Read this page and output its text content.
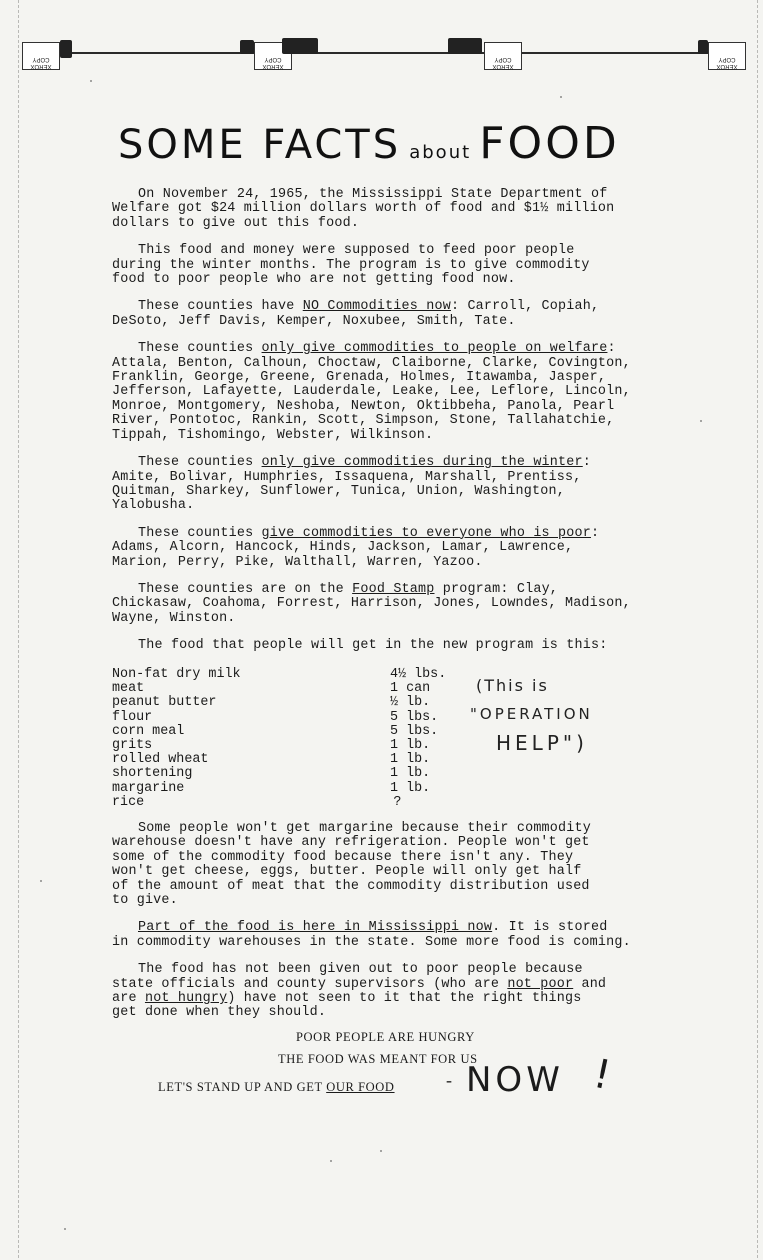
XEROX COPY
XEROX COPY
XEROX COPY
XEROX COPY
SOME FACTS about FOOD

On November 24, 1965, the Mississippi State Department of
Welfare got $24 million dollars worth of food and $1½ million
dollars to give out this food.

This food and money were supposed to feed poor people
during the winter months. The program is to give commodity
food to poor people who are not getting food now.

These counties have NO Commodities now: Carroll, Copiah,
DeSoto, Jeff Davis, Kemper, Noxubee, Smith, Tate.

These counties only give commodities to people on welfare:
Attala, Benton, Calhoun, Choctaw, Claiborne, Clarke, Covington,
Franklin, George, Greene, Grenada, Holmes, Itawamba, Jasper,
Jefferson, Lafayette, Lauderdale, Leake, Lee, Leflore, Lincoln,
Monroe, Montgomery, Neshoba, Newton, Oktibbeha, Panola, Pearl
River, Pontotoc, Rankin, Scott, Simpson, Stone, Tallahatchie,
Tippah, Tishomingo, Webster, Wilkinson.

These counties only give commodities during the winter:
Amite, Bolivar, Humphries, Issaquena, Marshall, Prentiss,
Quitman, Sharkey, Sunflower, Tunica, Union, Washington,
Yalobusha.

These counties give commodities to everyone who is poor:
Adams, Alcorn, Hancock, Hinds, Jackson, Lamar, Lawrence,
Marion, Perry, Pike, Walthall, Warren, Yazoo.

These counties are on the Food Stamp program: Clay,
Chickasaw, Coahoma, Forrest, Harrison, Jones, Lowndes, Madison,
Wayne, Winston.

The food that people will get in the new program is this:

Non-fat dry milk	4½ lbs.
meat	1 can
peanut butter	½ lb.
flour	5 lbs.
corn meal	5 lbs.
grits	1 lb.
rolled wheat	1 lb.
shortening	1 lb.
margarine	1 lb.
rice	?
(This is
"OPERATION
HELP")

Some people won't get margarine because their commodity
warehouse doesn't have any refrigeration. People won't get
some of the commodity food because there isn't any. They
won't get cheese, eggs, butter. People will only get half
of the amount of meat that the commodity distribution used
to give.

Part of the food is here in Mississippi now. It is stored
in commodity warehouses in the state. Some more food is coming.

The food has not been given out to poor people because
state officials and county supervisors (who are not poor and
are not hungry) have not seen to it that the right things
get done when they should.

POOR PEOPLE ARE HUNGRY
THE FOOD WAS MEANT FOR US
LET'S STAND UP AND GET OUR FOOD	- NOW !
